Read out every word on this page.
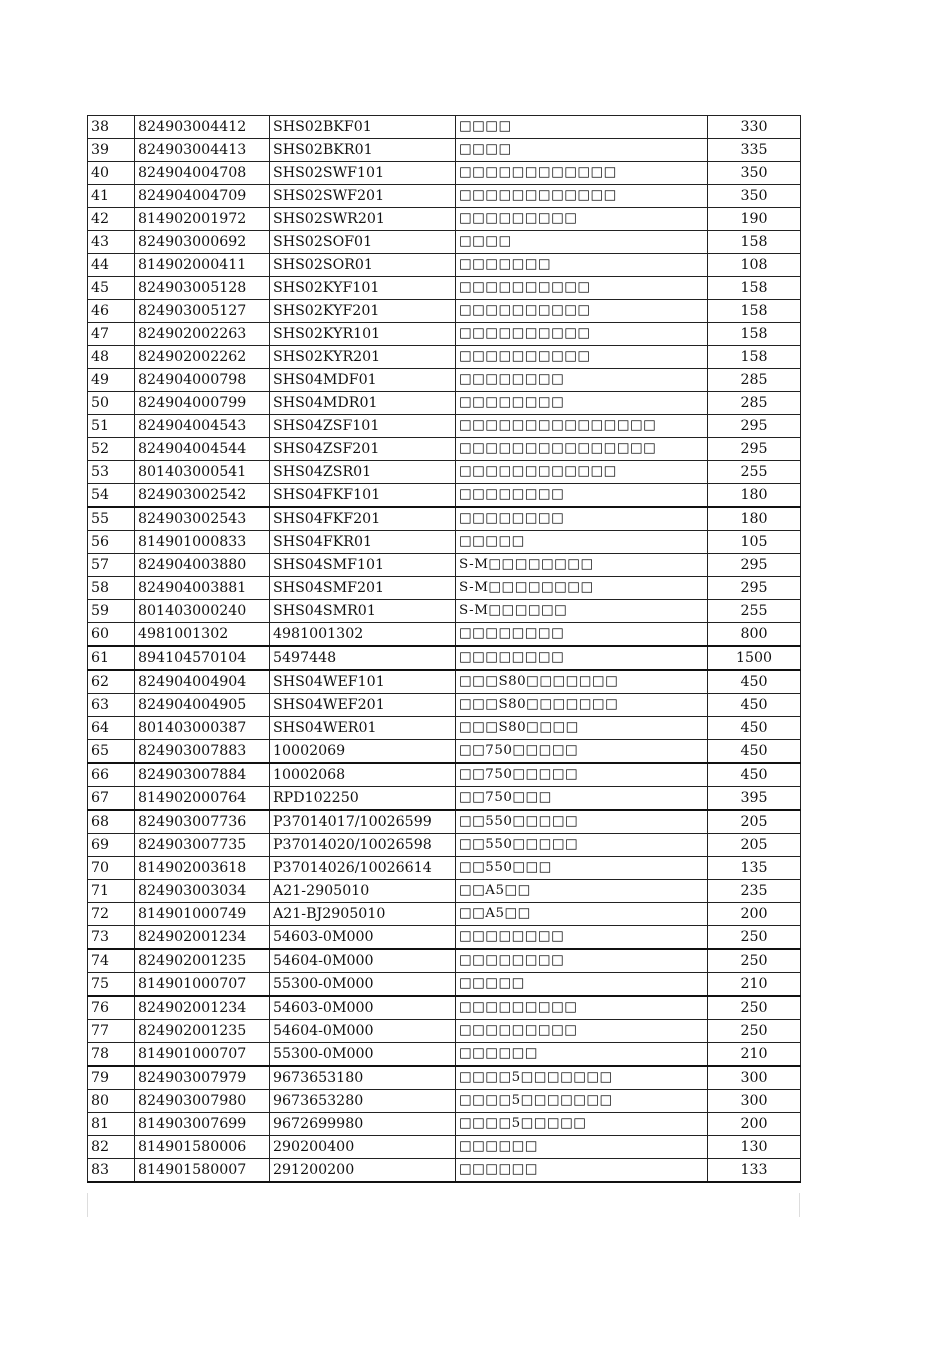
38	824903004412	SHS02BKF01	□□□□	330
39	824903004413	SHS02BKR01	□□□□	335
40	824904004708	SHS02SWF101	□□□□□□□□□□□□	350
41	824904004709	SHS02SWF201	□□□□□□□□□□□□	350
42	814902001972	SHS02SWR201	□□□□□□□□□	190
43	824903000692	SHS02SOF01	□□□□	158
44	814902000411	SHS02SOR01	□□□□□□□	108
45	824903005128	SHS02KYF101	□□□□□□□□□□	158
46	824903005127	SHS02KYF201	□□□□□□□□□□	158
47	824902002263	SHS02KYR101	□□□□□□□□□□	158
48	824902002262	SHS02KYR201	□□□□□□□□□□	158
49	824904000798	SHS04MDF01	□□□□□□□□	285
50	824904000799	SHS04MDR01	□□□□□□□□	285
51	824904004543	SHS04ZSF101	□□□□□□□□□□□□□□□	295
52	824904004544	SHS04ZSF201	□□□□□□□□□□□□□□□	295
53	801403000541	SHS04ZSR01	□□□□□□□□□□□□	255
54	824903002542	SHS04FKF101	□□□□□□□□	180
55	824903002543	SHS04FKF201	□□□□□□□□	180
56	814901000833	SHS04FKR01	□□□□□	105
57	824904003880	SHS04SMF101	S-M□□□□□□□□	295
58	824904003881	SHS04SMF201	S-M□□□□□□□□	295
59	801403000240	SHS04SMR01	S-M□□□□□□	255
60	4981001302	4981001302	□□□□□□□□	800
61	894104570104	5497448	□□□□□□□□	1500
62	824904004904	SHS04WEF101	□□□S80□□□□□□□	450
63	824904004905	SHS04WEF201	□□□S80□□□□□□□	450
64	801403000387	SHS04WER01	□□□S80□□□□	450
65	824903007883	10002069	□□750□□□□□	450
66	824903007884	10002068	□□750□□□□□	450
67	814902000764	RPD102250	□□750□□□	395
68	824903007736	P37014017/10026599	□□550□□□□□	205
69	824903007735	P37014020/10026598	□□550□□□□□	205
70	814902003618	P37014026/10026614	□□550□□□	135
71	824903003034	A21-2905010	□□A5□□	235
72	814901000749	A21-BJ2905010	□□A5□□	200
73	824902001234	54603-0M000	□□□□□□□□	250
74	824902001235	54604-0M000	□□□□□□□□	250
75	814901000707	55300-0M000	□□□□□	210
76	824902001234	54603-0M000	□□□□□□□□□	250
77	824902001235	54604-0M000	□□□□□□□□□	250
78	814901000707	55300-0M000	□□□□□□	210
79	824903007979	9673653180	□□□□5□□□□□□□	300
80	824903007980	9673653280	□□□□5□□□□□□□	300
81	814903007699	9672699980	□□□□5□□□□□	200
82	814901580006	290200400	□□□□□□	130
83	814901580007	291200200	□□□□□□	133
